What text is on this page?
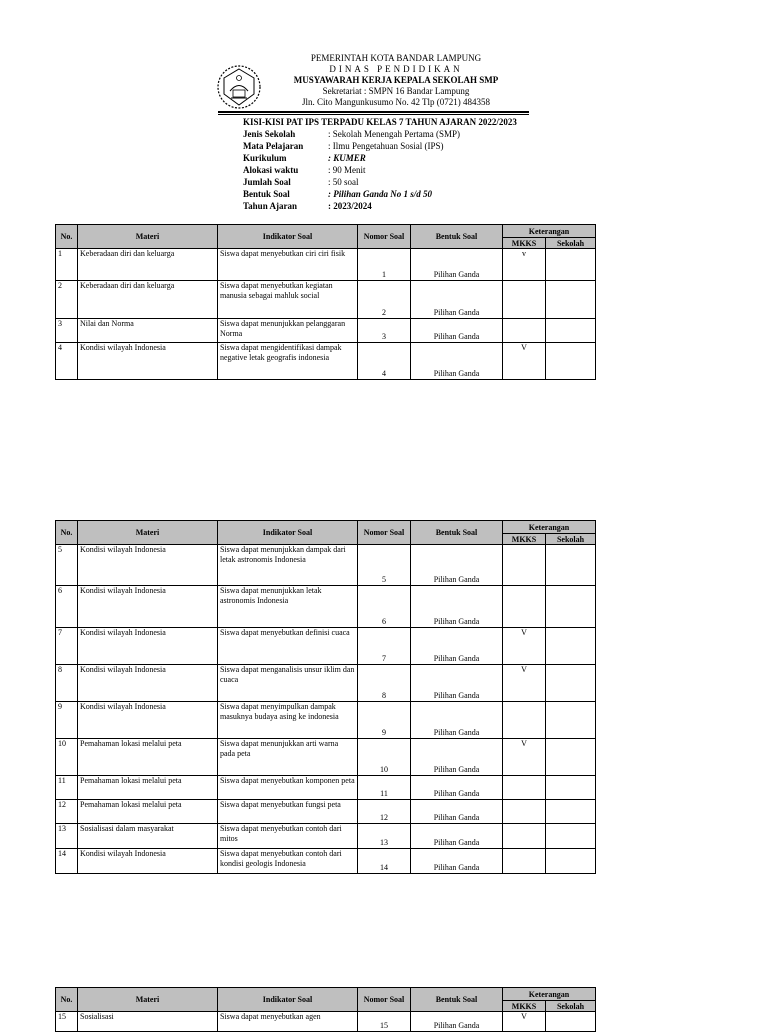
PEMERINTAH KOTA BANDAR LAMPUNG
DINAS PENDIDIKAN
MUSYAWARAH KERJA KEPALA SEKOLAH SMP
Sekretariat : SMPN 16 Bandar Lampung
Jln. Cito Mangunkusumo No. 42 Tlp (0721) 484358
KISI-KISI PAT IPS TERPADU KELAS 7 TAHUN AJARAN 2022/2023
Jenis Sekolah	: Sekolah Menengah Pertama (SMP)
Mata Pelajaran	: Ilmu Pengetahuan Sosial (IPS)
Kurikulum	: KUMER
Alokasi waktu	: 90 Menit
Jumlah Soal	: 50 soal
Bentuk Soal	: Pilihan Ganda No 1 s/d 50
Tahun Ajaran	: 2023/2024
No.	Materi	Indikator Soal	Nomor Soal	Bentuk Soal	Keterangan	
					MKKS	Sekolah
1	Keberadaan diri dan keluarga	Siswa dapat menyebutkan ciri ciri fisik	1	Pilihan Ganda	v	
2	Keberadaan diri dan keluarga	Siswa dapat menyebutkan kegiatan manusia sebagai mahluk social	2	Pilihan Ganda		
3	Nilai dan Norma	Siswa dapat menunjukkan pelanggaran Norma	3	Pilihan Ganda		
4	Kondisi wilayah Indonesia	Siswa dapat mengidentifikasi dampak negative letak geografis indonesia	4	Pilihan Ganda	V	
No.	Materi	Indikator Soal	Nomor Soal	Bentuk Soal	Keterangan	
					MKKS	Sekolah
5	Kondisi wilayah Indonesia	Siswa dapat menunjukkan dampak dari letak astronomis Indonesia	5	Pilihan Ganda		
6	Kondisi wilayah Indonesia	Siswa dapat menunjukkan letak astronomis Indonesia	6	Pilihan Ganda		
7	Kondisi wilayah Indonesia	Siswa dapat menyebutkan definisi cuaca	7	Pilihan Ganda	V	
8	Kondisi wilayah Indonesia	Siswa dapat menganalisis unsur iklim dan cuaca	8	Pilihan Ganda	V	
9	Kondisi wilayah Indonesia	Siswa dapat menyimpulkan dampak masuknya budaya asing ke indonesia	9	Pilihan Ganda		
10	Pemahaman lokasi melalui peta	Siswa dapat menunjukkan arti warna pada peta	10	Pilihan Ganda	V	
11	Pemahaman lokasi melalui peta	Siswa dapat menyebutkan komponen peta	11	Pilihan Ganda		
12	Pemahaman lokasi melalui peta	Siswa dapat menyebutkan fungsi peta	12	Pilihan Ganda		
13	Sosialisasi dalam masyarakat	Siswa dapat menyebutkan contoh dari mitos	13	Pilihan Ganda		
14	Kondisi wilayah Indonesia	Siswa dapat menyebutkan contoh dari kondisi geologis Indonesia	14	Pilihan Ganda		
No.	Materi	Indikator Soal	Nomor Soal	Bentuk Soal	Keterangan	
					MKKS	Sekolah
15	Sosialisasi	Siswa dapat menyebutkan agen	15	Pilihan Ganda	V	
